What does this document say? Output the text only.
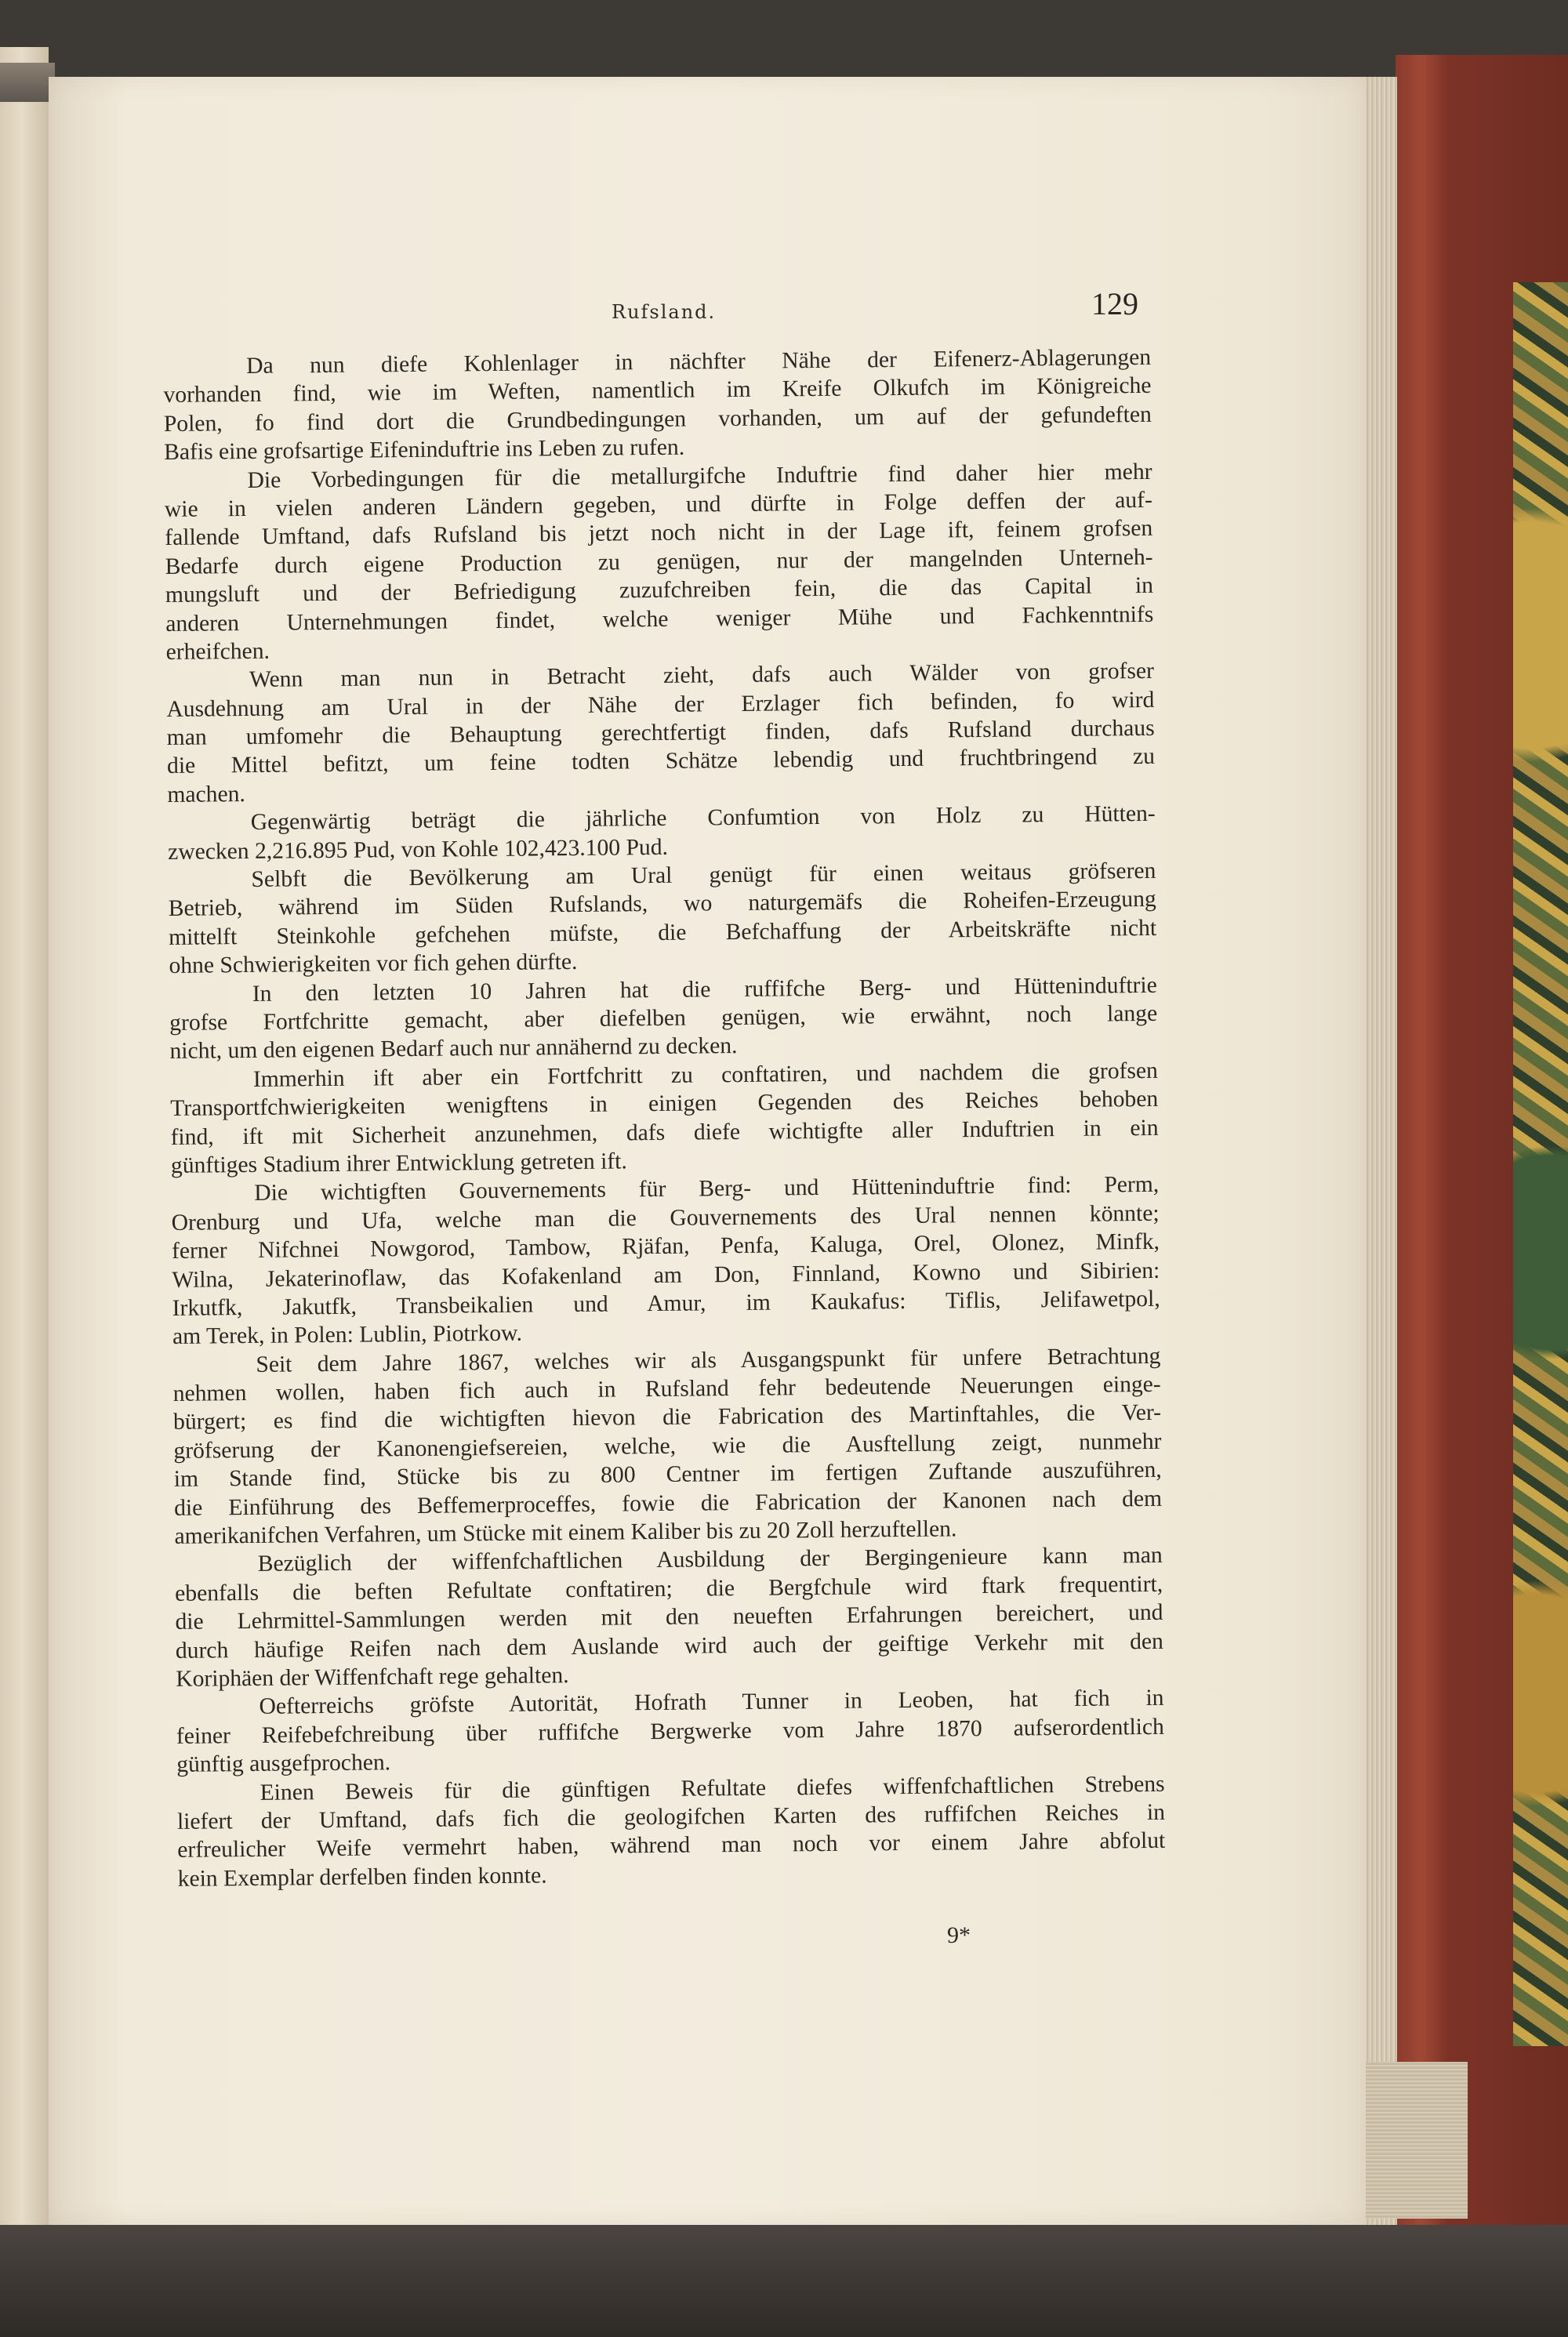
Rufsland.	129
Da nun diefe Kohlenlager in nächfter Nähe der Eifenerz-Ablagerungen
vorhanden find, wie im Weften, namentlich im Kreife Olkufch im Königreiche
Polen, fo find dort die Grundbedingungen vorhanden, um auf der gefundeften
Bafis eine grofsartige Eifeninduftrie ins Leben zu rufen.
Die Vorbedingungen für die metallurgifche Induftrie find daher hier mehr
wie in vielen anderen Ländern gegeben, und dürfte in Folge deffen der auf-
fallende Umftand, dafs Rufsland bis jetzt noch nicht in der Lage ift, feinem grofsen
Bedarfe durch eigene Production zu genügen, nur der mangelnden Unterneh-
mungsluft und der Befriedigung zuzufchreiben fein, die das Capital in
anderen Unternehmungen findet, welche weniger Mühe und Fachkenntnifs
erheifchen.
Wenn man nun in Betracht zieht, dafs auch Wälder von grofser
Ausdehnung am Ural in der Nähe der Erzlager fich befinden, fo wird
man umfomehr die Behauptung gerechtfertigt finden, dafs Rufsland durchaus
die Mittel befitzt, um feine todten Schätze lebendig und fruchtbringend zu
machen.
Gegenwärtig beträgt die jährliche Confumtion von Holz zu Hütten-
zwecken 2,216.895 Pud, von Kohle 102,423.100 Pud.
Selbft die Bevölkerung am Ural genügt für einen weitaus gröfseren
Betrieb, während im Süden Rufslands, wo naturgemäfs die Roheifen-Erzeugung
mittelft Steinkohle gefchehen müfste, die Befchaffung der Arbeitskräfte nicht
ohne Schwierigkeiten vor fich gehen dürfte.
In den letzten 10 Jahren hat die ruffifche Berg- und Hütteninduftrie
grofse Fortfchritte gemacht, aber diefelben genügen, wie erwähnt, noch lange
nicht, um den eigenen Bedarf auch nur annähernd zu decken.
Immerhin ift aber ein Fortfchritt zu conftatiren, und nachdem die grofsen
Transportfchwierigkeiten wenigftens in einigen Gegenden des Reiches behoben
find, ift mit Sicherheit anzunehmen, dafs diefe wichtigfte aller Induftrien in ein
günftiges Stadium ihrer Entwicklung getreten ift.
Die wichtigften Gouvernements für Berg- und Hütteninduftrie find: Perm,
Orenburg und Ufa, welche man die Gouvernements des Ural nennen könnte;
ferner Nifchnei Nowgorod, Tambow, Rjäfan, Penfa, Kaluga, Orel, Olonez, Minfk,
Wilna, Jekaterinoflaw, das Kofakenland am Don, Finnland, Kowno und Sibirien:
Irkutfk, Jakutfk, Transbeikalien und Amur, im Kaukafus: Tiflis, Jelifawetpol,
am Terek, in Polen: Lublin, Piotrkow.
Seit dem Jahre 1867, welches wir als Ausgangspunkt für unfere Betrachtung
nehmen wollen, haben fich auch in Rufsland fehr bedeutende Neuerungen einge-
bürgert; es find die wichtigften hievon die Fabrication des Martinftahles, die Ver-
gröfserung der Kanonengiefsereien, welche, wie die Ausftellung zeigt, nunmehr
im Stande find, Stücke bis zu 800 Centner im fertigen Zuftande auszuführen,
die Einführung des Beffemerproceffes, fowie die Fabrication der Kanonen nach dem
amerikanifchen Verfahren, um Stücke mit einem Kaliber bis zu 20 Zoll herzuftellen.
Bezüglich der wiffenfchaftlichen Ausbildung der Bergingenieure kann man
ebenfalls die beften Refultate conftatiren; die Bergfchule wird ftark frequentirt,
die Lehrmittel-Sammlungen werden mit den neueften Erfahrungen bereichert, und
durch häufige Reifen nach dem Auslande wird auch der geiftige Verkehr mit den
Koriphäen der Wiffenfchaft rege gehalten.
Oefterreichs gröfste Autorität, Hofrath Tunner in Leoben, hat fich in
feiner Reifebefchreibung über ruffifche Bergwerke vom Jahre 1870 aufserordentlich
günftig ausgefprochen.
Einen Beweis für die günftigen Refultate diefes wiffenfchaftlichen Strebens
liefert der Umftand, dafs fich die geologifchen Karten des ruffifchen Reiches in
erfreulicher Weife vermehrt haben, während man noch vor einem Jahre abfolut
kein Exemplar derfelben finden konnte.
9*
